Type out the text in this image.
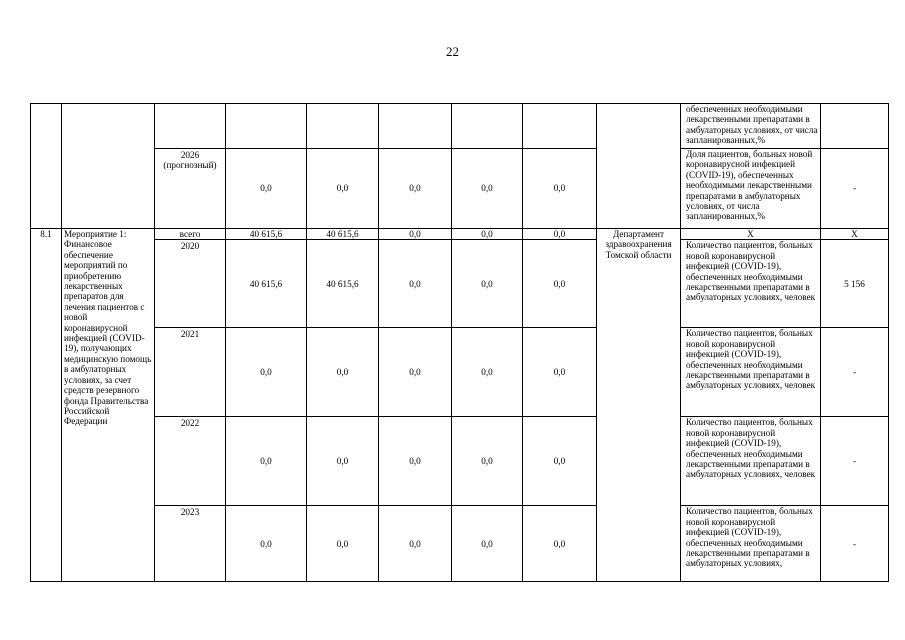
22
									обеспеченных необходимыми лекарственными препаратами в амбулаторных условиях, от числа запланированных,%	
		2026 (прогнозный)	0,0	0,0	0,0	0,0	0,0		Доля пациентов, больных новой коронавирусной инфекцией (COVID-19), обеспеченных необходимыми лекарственными препаратами в амбулаторных условиях, от числа запланированных,%	-
8.1	Мероприятие 1: Финансовое обеспечение мероприятий по приобретению лекарственных препаратов для лечения пациентов с новой коронавирусной инфекцией (COVID-19), получающих медицинскую помощь в амбулаторных условиях, за счет средств резервного фонда Правительства Российской Федерации	всего	40 615,6	40 615,6	0,0	0,0	0,0	Департамент здравоохранения Томской области	X	X
		2020	40 615,6	40 615,6	0,0	0,0	0,0		Количество пациентов, больных новой коронавирусной инфекцией (COVID-19), обеспеченных необходимыми лекарственными препаратами в амбулаторных условиях, человек	5 156
		2021	0,0	0,0	0,0	0,0	0,0		Количество пациентов, больных новой коронавирусной инфекцией (COVID-19), обеспеченных необходимыми лекарственными препаратами в амбулаторных условиях, человек	-
		2022	0,0	0,0	0,0	0,0	0,0		Количество пациентов, больных новой коронавирусной инфекцией (COVID-19), обеспеченных необходимыми лекарственными препаратами в амбулаторных условиях, человек	-
		2023	0,0	0,0	0,0	0,0	0,0		Количество пациентов, больных новой коронавирусной инфекцией (COVID-19), обеспеченных необходимыми лекарственными препаратами в амбулаторных условиях,	-
